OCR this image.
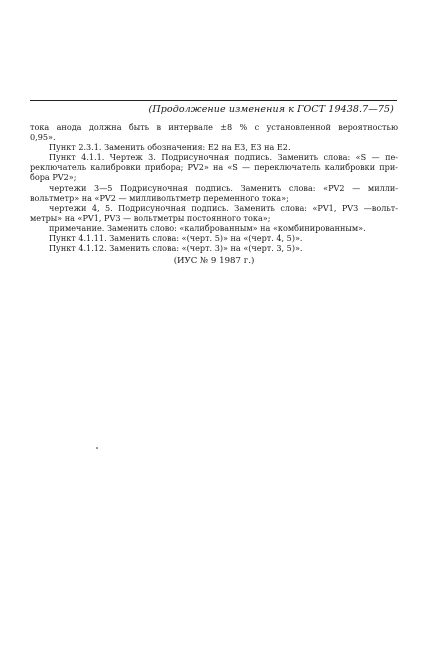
(Продолжение изменения к ГОСТ 19438.7—75)
тока анода должна быть в интервале ±8 % с установленной вероятностью
0,95».
Пункт 2.3.1. Заменить обозначения: Е2 на Е3, Е3 на Е2.
Пункт 4.1.1. Чертеж 3. Подрисуночная подпись. Заменить слова: «S — пе-
реключатель калибровки прибора; PV2» на «S — переключатель калибровки при-
бора PV2»;
чертежи 3—5 Подрисуночная подпись. Заменить слова: «PV2 — милли-
вольтметр» на «PV2 — милливольтметр переменного тока»;
чертежи 4, 5. Подрисуночная подпись. Заменить слова: «PV1, PV3 —вольт-
метры» на «PV1, PV3 — вольтметры постоянного тока»;
примечание. Заменить слово: «калиброванным» на «комбинированным».
Пункт 4.1.11. Заменить слова: «(черт. 5)» на «(черт. 4, 5)».
Пункт 4.1.12. Заменить слова: «(черт. 3)» на «(черт. 3, 5)».
(ИУС № 9 1987 г.)
